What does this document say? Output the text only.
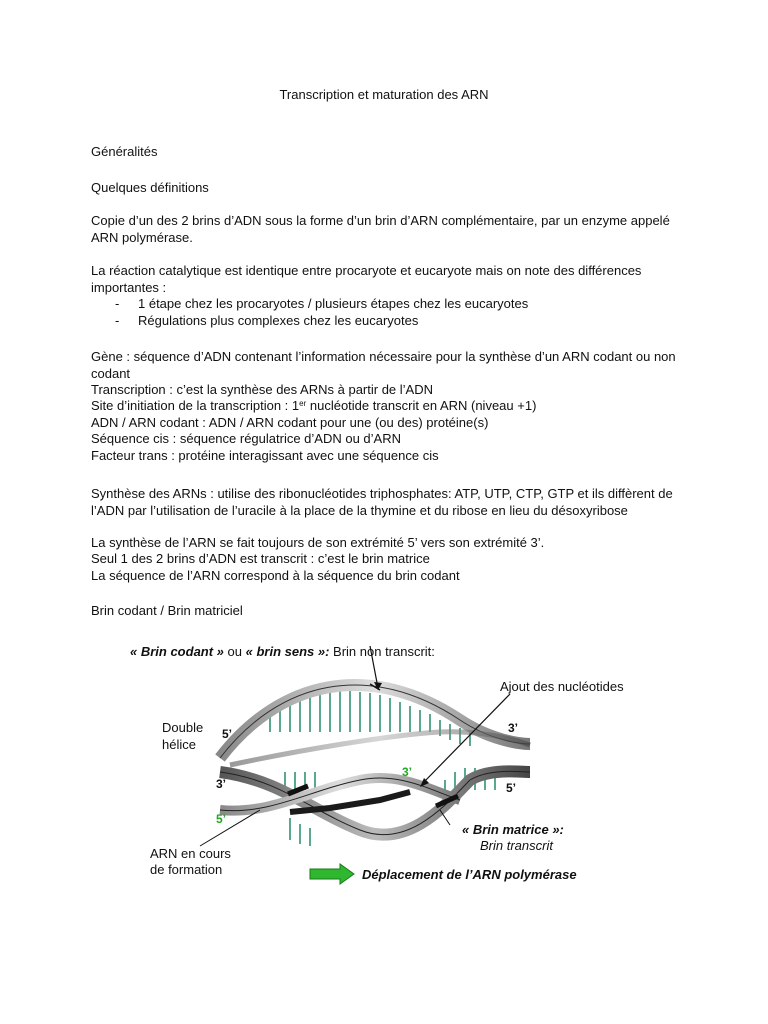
Transcription et maturation des ARN
Généralités
Quelques définitions
Copie d’un des 2 brins d’ADN sous la forme d’un brin d’ARN complémentaire, par un enzyme appelé ARN polymérase.
La réaction catalytique est identique entre procaryote et eucaryote mais on note des différences importantes :
- 1 étape chez les procaryotes / plusieurs étapes chez les eucaryotes
- Régulations plus complexes chez les eucaryotes
Gène : séquence d’ADN contenant l’information nécessaire pour la synthèse d’un ARN codant ou non codant
Transcription : c’est la synthèse des ARNs à partir de l’ADN
Site d’initiation de la transcription : 1er nucléotide transcrit en ARN (niveau +1)
ADN / ARN codant : ADN / ARN codant pour une (ou des) protéine(s)
Séquence cis : séquence régulatrice d’ADN ou d’ARN
Facteur trans : protéine interagissant avec une séquence cis
Synthèse des ARNs : utilise des ribonucléotides triphosphates: ATP, UTP, CTP, GTP et ils diffèrent de l’ADN par l’utilisation de l’uracile à la place de la thymine et du ribose en lieu du désoxyribose
La synthèse de l’ARN se fait toujours de son extrémité 5’ vers son extrémité 3’.
Seul 1 des 2 brins d’ADN est transcrit : c’est le brin matrice
La séquence de l’ARN correspond à la séquence du brin codant
Brin codant / Brin matriciel
« Brin codant » ou « brin sens »: Brin non transcrit:
Ajout des nucléotides
Double
hélice
5’	3’
3’
3’
5’
5’
« Brin matrice »:
Brin transcrit
ARN en cours
de formation	Déplacement de l’ARN polymérase
